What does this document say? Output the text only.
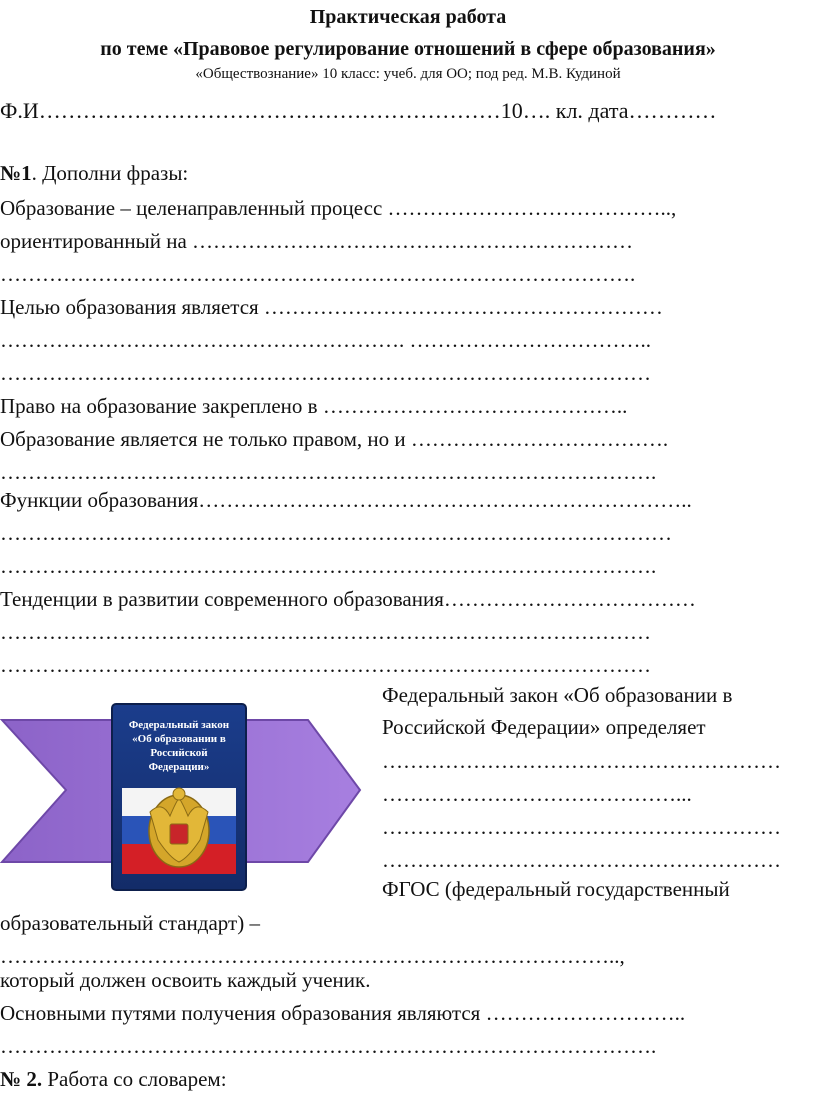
Практическая работа
по теме «Правовое регулирование отношений в сфере образования»
«Обществознание» 10 класс: учеб. для ОО; под ред. М.В. Кудиной
Ф.И………………………………………………………10…. кл. дата…………
№1. Дополни фразы:
Образование – целенаправленный процесс …………………………………..,
ориентированный на ………………………………………………………
……………………………………………………………………………….
Целью образования является …………………………………………………
…………………………………………………. ……………………………..
…………………………………………………………………………………
Право на образование закреплено в ……………………………………..
Образование является не только правом, но и ……………………………….
………………………………………………………………………………….
Функции образования……………………………………………………………..
……………………………………………………………………………………
………………………………………………………………………………….
Тенденции в развитии современного образования………………………………
…………………………………………………………………………………
…………………………………………………………………………………
Федеральный закон
«Об образовании в
Российской
Федерации»
Федеральный закон «Об образовании в
Российской Федерации» определяет
…………………………………………………
……………………………………...
…………………………………………………
…………………………………………………
ФГОС (федеральный государственный
образовательный стандарт) –
……………………………………………………………………………..,
который должен освоить каждый ученик.
Основными путями получения образования являются ………………………..
………………………………………………………………………………….
№ 2. Работа со словарем:
